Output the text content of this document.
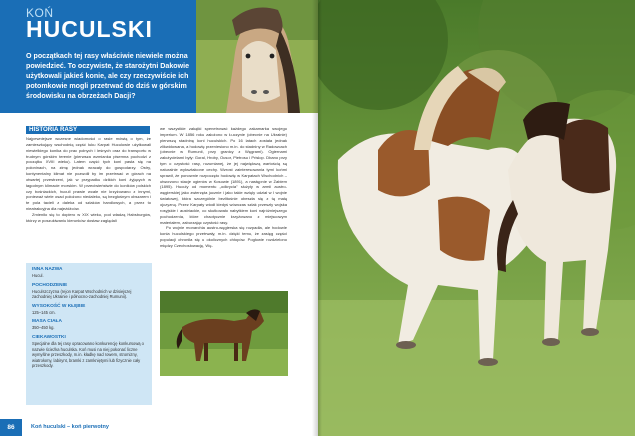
KOŃ
HUCULSKI
O początkach tej rasy właściwie niewiele można powiedzieć. To oczywiste, że starożytni Dakowie użytkowali jakieś konie, ale czy rzeczywiście ich potomkowie mogli przetrwać do dziś w górskim środowisku na obrzeżach Dacji?
HISTORIA RASY

Najpewniejsze wczesne wiadomości o rasie mówią o tym, że zamieszkujący wschodnią część łuku Karpat Huculowie użytkowali niewielkiego konika do prac polnych i leśnych oraz do transportu w trudnym górskim terenie (pierwsza wzmianka pisemna pochodzi z początku XVIII wieku). Latem część tych koni pasła się na połoninach, na zimę jednak wracały do gospodarzy. Ostry, kontynentalny klimat nie pozwolił by im przetrwać w górach na otwartej przestrzeni, jak w przypadku dzikich koni żyjących w łagodnym klimacie morskim. W przeciwieństwie do koników polskich czy bośniackich, huculi prawie wcale nie krzyżowano z innymi, ponieważ wiele osad położono niedaleko, są bezgłośnym obszarem i te pola tacieli z daleka od szlaków handlowych, a przez to nieatrakcyjna dla najeźdźców.

Zmieniło się to dopiero w XIX wieku, pod władzą Habsburgów, którzy w poszukiwaniu kierunków dostaw zaglądali

we wszystkie zakątki spenetrować każdego zakamarka swojego imperium. W 1856 roku założono w Łuczynie (obecnie na Ukrainie) pierwszą stadninę koni huculskich. Po 16 latach została jednak zlikwidowana, a hodowlę przeniesiono m.in. do stadniny w Radowcach (obecnie w Rumunii, przy granicy z Węgrami). Ogiernami założycielami były: Goral, Hroby, Ousor, Pietrosu i Prislop. Dbano przy tym o czystość rasy, rozumianej, że jej największą wartością są naturalnie wykształcone cechy. Wzrost zainteresowania tymi końmi sprawił, że ponownie rozpoczęto hodowlę w Karpatach Wschodnich – utworzono stacje ogierów w Kosowie (1891), a następnie w Żabiem (1895). Huculy od momentu „odkrycia” służyły w armii austro-węgierskiej jako zwierzęta jucznie i jako takie wzięły udział w I wojnie światowej, która szczególnie bezlitośnie obeszła się z tą małą ojczyzną. Przez Karpaty wiodł kiedyś wówczas szlak przeszły wojska rosyjskie i austriackie, co skutkowało nabytkiem koni najróżniejszego pochodzenia, które chaotycznie krzyżowano z miejscowym materiałem, zaburzając czystość rasy.

Po wojnie monarchia austro-węgierska się rozpadła, ale hodowle konia huculskiego przetrwały, m.in. dzięki temu, że zasięg części populacji chroniła się u okolicznych chłopów. Pogłowie rozdzielono między Czechosłowację, Wę-

INNA NAZWA
Hucul.
POCHODZENIE
Huculszczyzna (rejon Karpat Wschodnich w dzisiejszej zachodniej Ukrainie i północno-zachodniej Rumunii).
WYSOKOŚĆ W KŁĘBIE
125–145 cm.
MASA CIAŁA
350–450 kg.
CIEKAWOSTKI
Specjalne dla tej rasy opracowano konkurencję konkursową o nazwie ścieżka huculska. Koń musi na niej pokonać liczne wymyślne przeszkody, m.in. kładkę nad rowem, stromizny, wiatrołomy, labirynt, bramki z zamkniętymi lub fizycznie cały przeszkody.
86	Koń huculski – koń pierwotny
